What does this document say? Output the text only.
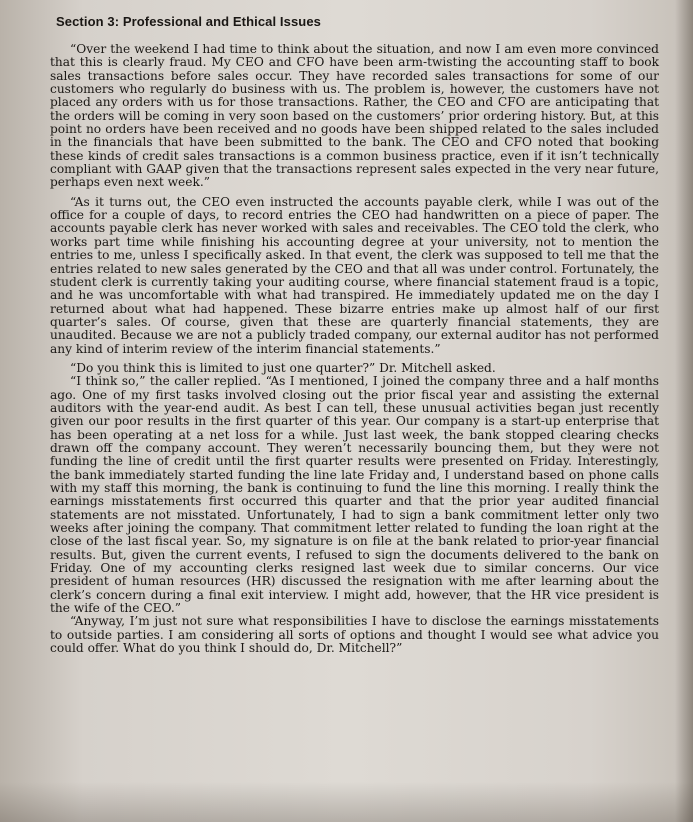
Section 3: Professional and Ethical Issues

“Over the weekend I had time to think about the situation, and now I am even more convinced that this is clearly fraud. My CEO and CFO have been arm-twisting the accounting staff to book sales transactions before sales occur. They have recorded sales transactions for some of our customers who regularly do business with us. The problem is, however, the customers have not placed any orders with us for those transactions. Rather, the CEO and CFO are anticipating that the orders will be coming in very soon based on the customers’ prior ordering history. But, at this point no orders have been received and no goods have been shipped related to the sales included in the financials that have been submitted to the bank. The CEO and CFO noted that booking these kinds of credit sales transactions is a common business practice, even if it isn’t technically compliant with GAAP given that the transactions represent sales expected in the very near future, perhaps even next week.”

“As it turns out, the CEO even instructed the accounts payable clerk, while I was out of the office for a couple of days, to record entries the CEO had handwritten on a piece of paper. The accounts payable clerk has never worked with sales and receivables. The CEO told the clerk, who works part time while finishing his accounting degree at your university, not to mention the entries to me, unless I specifically asked. In that event, the clerk was supposed to tell me that the entries related to new sales generated by the CEO and that all was under control. Fortunately, the student clerk is currently taking your auditing course, where financial statement fraud is a topic, and he was uncomfortable with what had transpired. He immediately updated me on the day I returned about what had happened. These bizarre entries make up almost half of our first quarter’s sales. Of course, given that these are quarterly financial statements, they are unaudited. Because we are not a publicly traded company, our external auditor has not performed any kind of interim review of the interim financial statements.”

“Do you think this is limited to just one quarter?” Dr. Mitchell asked.

“I think so,” the caller replied. “As I mentioned, I joined the company three and a half months ago. One of my first tasks involved closing out the prior fiscal year and assisting the external auditors with the year-end audit. As best I can tell, these unusual activities began just recently given our poor results in the first quarter of this year. Our company is a start-up enterprise that has been operating at a net loss for a while. Just last week, the bank stopped clearing checks drawn off the company account. They weren’t necessarily bouncing them, but they were not funding the line of credit until the first quarter results were presented on Friday. Interestingly, the bank immediately started funding the line late Friday and, I understand based on phone calls with my staff this morning, the bank is continuing to fund the line this morning. I really think the earnings misstatements first occurred this quarter and that the prior year audited financial statements are not misstated. Unfortunately, I had to sign a bank commitment letter only two weeks after joining the company. That commitment letter related to funding the loan right at the close of the last fiscal year. So, my signature is on file at the bank related to prior-year financial results. But, given the current events, I refused to sign the documents delivered to the bank on Friday. One of my accounting clerks resigned last week due to similar concerns. Our vice president of human resources (HR) discussed the resignation with me after learning about the clerk’s concern during a final exit interview. I might add, however, that the HR vice president is the wife of the CEO.”

“Anyway, I’m just not sure what responsibilities I have to disclose the earnings misstatements to outside parties. I am considering all sorts of options and thought I would see what advice you could offer. What do you think I should do, Dr. Mitchell?”
